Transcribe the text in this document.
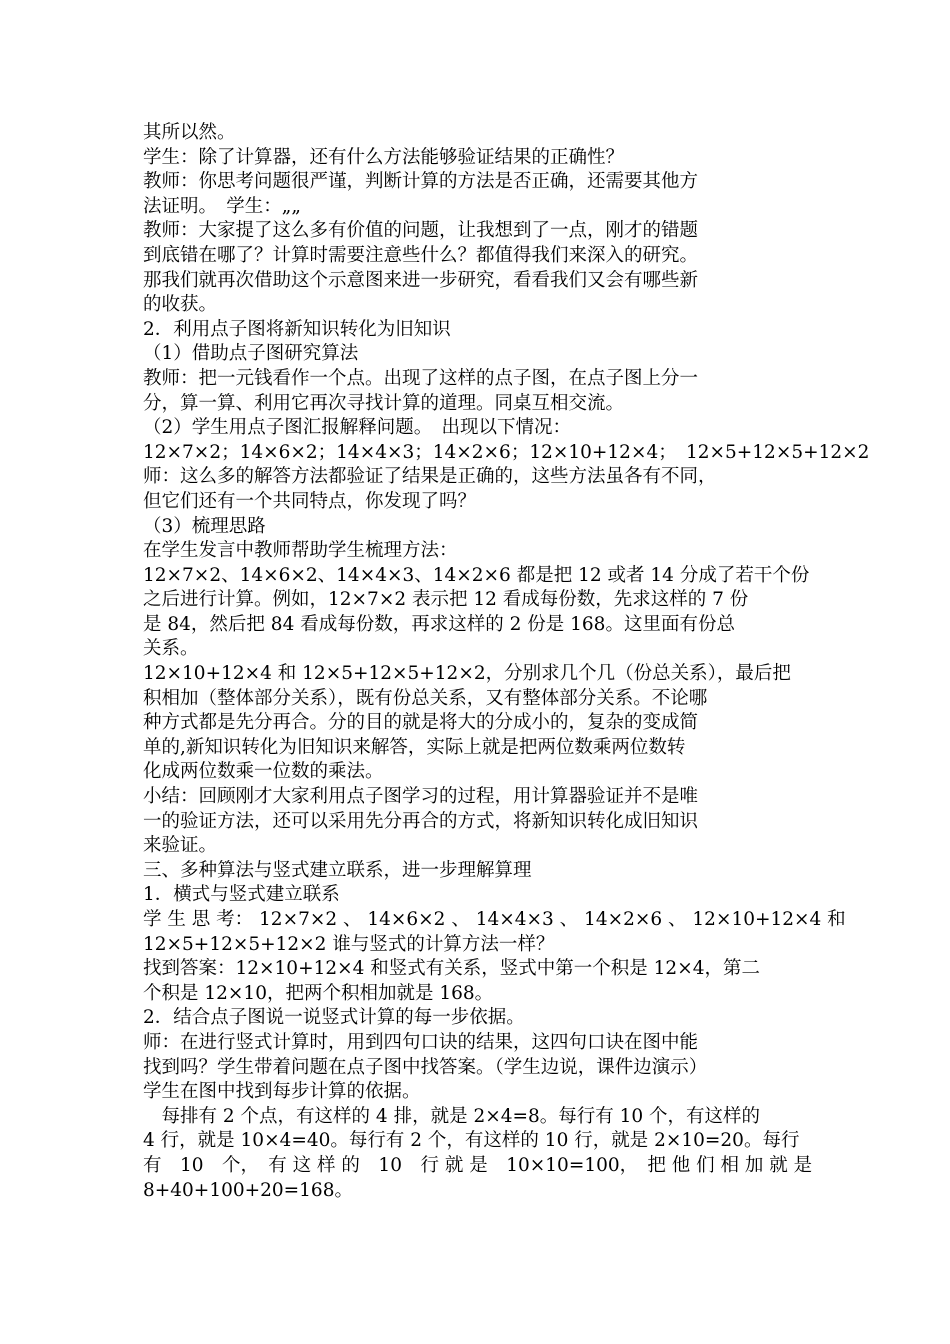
其所以然。
学生：除了计算器，还有什么方法能够验证结果的正确性？
教师：你思考问题很严谨，判断计算的方法是否正确，还需要其他方
法证明。　学生：„„
教师：大家提了这么多有价值的问题，让我想到了一点，刚才的错题
到底错在哪了？计算时需要注意些什么？都值得我们来深入的研究。
那我们就再次借助这个示意图来进一步研究，看看我们又会有哪些新
的收获。
2．利用点子图将新知识转化为旧知识
（1）借助点子图研究算法
教师：把一元钱看作一个点。出现了这样的点子图，在点子图上分一
分，算一算、利用它再次寻找计算的道理。同桌互相交流。
（2）学生用点子图汇报解释问题。　出现以下情况：
12×7×2；14×6×2；14×4×3；14×2×6；12×10+12×4；　12×5+12×5+12×2
师：这么多的解答方法都验证了结果是正确的，这些方法虽各有不同，
但它们还有一个共同特点，你发现了吗？
（3）梳理思路
在学生发言中教师帮助学生梳理方法：
12×7×2、14×6×2、14×4×3、14×2×6 都是把 12 或者 14 分成了若干个份
之后进行计算。例如，12×7×2 表示把 12 看成每份数，先求这样的 7 份
是 84，然后把 84 看成每份数，再求这样的 2 份是 168。这里面有份总
关系。
12×10+12×4 和 12×5+12×5+12×2，分别求几个几（份总关系），最后把
积相加（整体部分关系），既有份总关系，又有整体部分关系。不论哪
种方式都是先分再合。分的目的就是将大的分成小的，复杂的变成简
单的,新知识转化为旧知识来解答，实际上就是把两位数乘两位数转
化成两位数乘一位数的乘法。
小结：回顾刚才大家利用点子图学习的过程，用计算器验证并不是唯
一的验证方法，还可以采用先分再合的方式，将新知识转化成旧知识
来验证。
三、多种算法与竖式建立联系，进一步理解算理
1．横式与竖式建立联系
学 生 思 考： 12×7×2 、 14×6×2 、 14×4×3 、 14×2×6 、 12×10+12×4 和
12×5+12×5+12×2 谁与竖式的计算方法一样？
找到答案：12×10+12×4 和竖式有关系，竖式中第一个积是 12×4，第二
个积是 12×10，把两个积相加就是 168。
2．结合点子图说一说竖式计算的每一步依据。
师：在进行竖式计算时，用到四句口诀的结果，这四句口诀在图中能
找到吗？学生带着问题在点子图中找答案。（学生边说，课件边演示）
学生在图中找到每步计算的依据。
　每排有 2 个点，有这样的 4 排，就是 2×4=8。每行有 10 个，有这样的
4 行，就是 10×4=40。每行有 2 个，有这样的 10 行，就是 2×10=20。每行
有　10　个，　有 这 样 的　10　行 就 是　10×10=100，　把 他 们 相 加 就 是
8+40+100+20=168。
